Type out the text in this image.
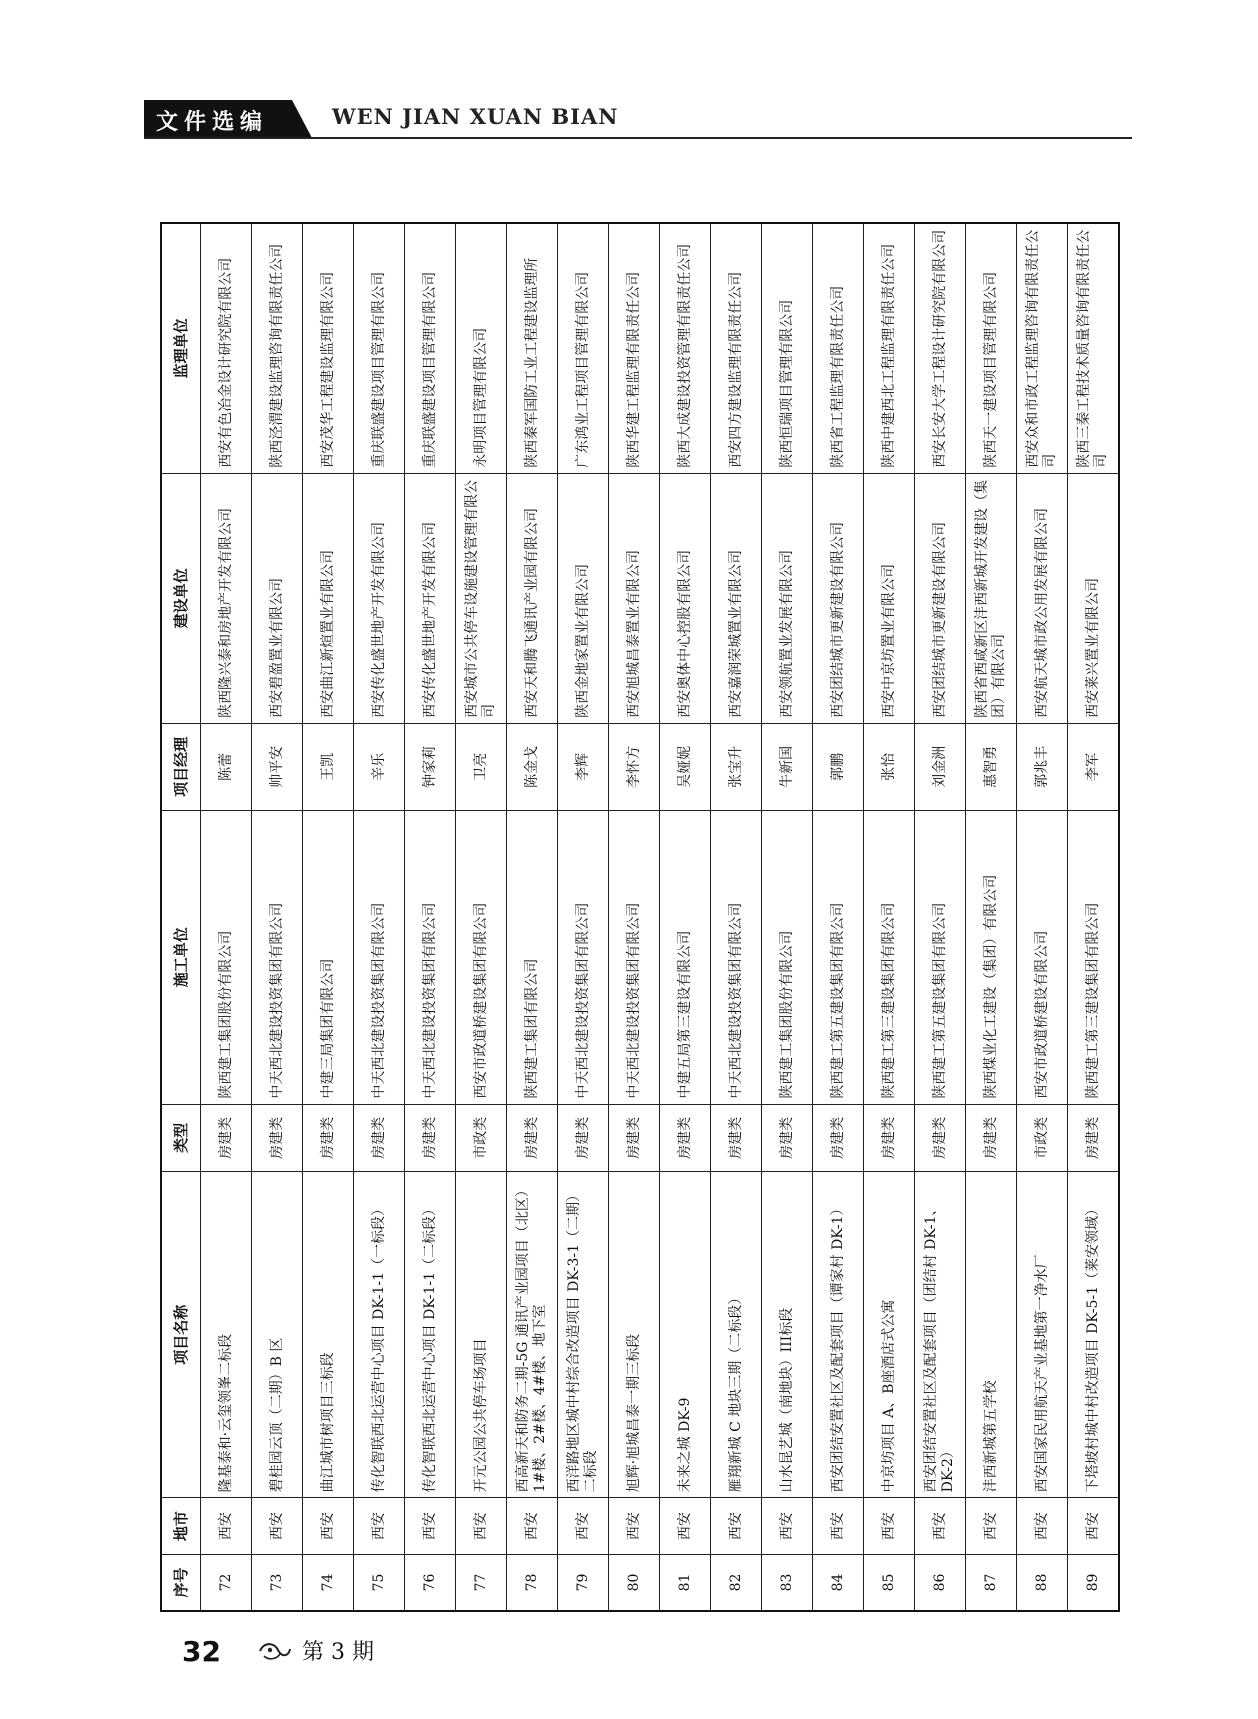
文件选编	WEN JIAN XUAN BIAN
序号	地市	项目名称	类型	施工单位	项目经理	建设单位	监理单位
72	西安	隆基泰和·云玺领峯二标段	房建类	陕西建工集团股份有限公司	陈蕾	陕西隆兴泰和房地产开发有限公司	西安有色冶金设计研究院有限公司
73	西安	碧桂园云顶（二期）B 区	房建类	中天西北建设投资集团有限公司	帅平安	西安碧盈置业有限公司	陕西泾渭建设监理咨询有限责任公司
74	西安	曲江城市树项目三标段	房建类	中建三局集团有限公司	王凯	西安曲江新煊置业有限公司	西安茂华工程建设监理有限公司
75	西安	传化智联西北运营中心项目 DK-1-1（一标段）	房建类	中天西北建设投资集团有限公司	辛乐	西安传化盛世地产开发有限公司	重庆联盛建设项目管理有限公司
76	西安	传化智联西北运营中心项目 DK-1-1（二标段）	房建类	中天西北建设投资集团有限公司	钟家莉	西安传化盛世地产开发有限公司	重庆联盛建设项目管理有限公司
77	西安	开元公园公共停车场项目	市政类	西安市政道桥建设集团有限公司	卫亮	西安城市公共停车设施建设管理有限公司	永明项目管理有限公司
78	西安	西高新天和防务二期-5G 通讯产业园项目（北区）1#楼、2#楼、4#楼、地下室	房建类	陕西建工集团有限公司	陈金戈	西安天和腾飞通讯产业园有限公司	陕西秦军国防工业工程建设监理所
79	西安	西洋路地区城中村综合改造项目 DK-3-1（二期）二标段	房建类	中天西北建设投资集团有限公司	李辉	陕西金地家置业有限公司	广东鸿业工程项目管理有限公司
80	西安	旭辉·旭城昌泰一期三标段	房建类	中天西北建设投资集团有限公司	李怀方	西安旭城昌泰置业有限公司	陕西华建工程监理有限责任公司
81	西安	未来之城 DK-9	房建类	中建五局第三建设有限公司	吴娅妮	西安奥体中心控股有限公司	陕西大成建设投资管理有限责任公司
82	西安	雁翔新城 C 地块三期（二标段）	房建类	中天西北建设投资集团有限公司	张宝升	西安嘉润荣城置业有限公司	西安四方建设监理有限责任公司
83	西安	山水昆艺城（南地块）III标段	房建类	陕西建工集团股份有限公司	牛新国	西安领航置业发展有限公司	陕西恒瑞项目管理有限公司
84	西安	西安团结安置社区及配套项目（谭家村 DK-1）	房建类	陕西建工第五建设集团有限公司	郭鹏	西安团结城市更新建设有限公司	陕西省工程监理有限责任公司
85	西安	中京坊项目 A、B座酒店式公寓	房建类	陕西建工第三建设集团有限公司	张怡	西安中京坊置业有限公司	陕西中建西北工程监理有限责任公司
86	西安	西安团结安置社区及配套项目（团结村 DK-1、DK-2）	房建类	陕西建工第五建设集团有限公司	刘金洲	西安团结城市更新建设有限公司	西安长安大学工程设计研究院有限公司
87	西安	沣西新城第五学校	房建类	陕西煤业化工建设（集团）有限公司	惠智勇	陕西省西咸新区沣西新城开发建设（集团）有限公司	陕西天一建设项目管理有限公司
88	西安	西安国家民用航天产业基地第一净水厂	市政类	西安市政道桥建设有限公司	郭兆丰	西安航天城市政公用发展有限公司	西安众和市政工程监理咨询有限责任公司
89	西安	下塔坡村城中村改造项目 DK-5-1（莱安领域）	房建类	陕西建工第三建设集团有限公司	李军	西安莱兴置业有限公司	陕西三秦工程技术质量咨询有限责任公司
32	第 3 期
